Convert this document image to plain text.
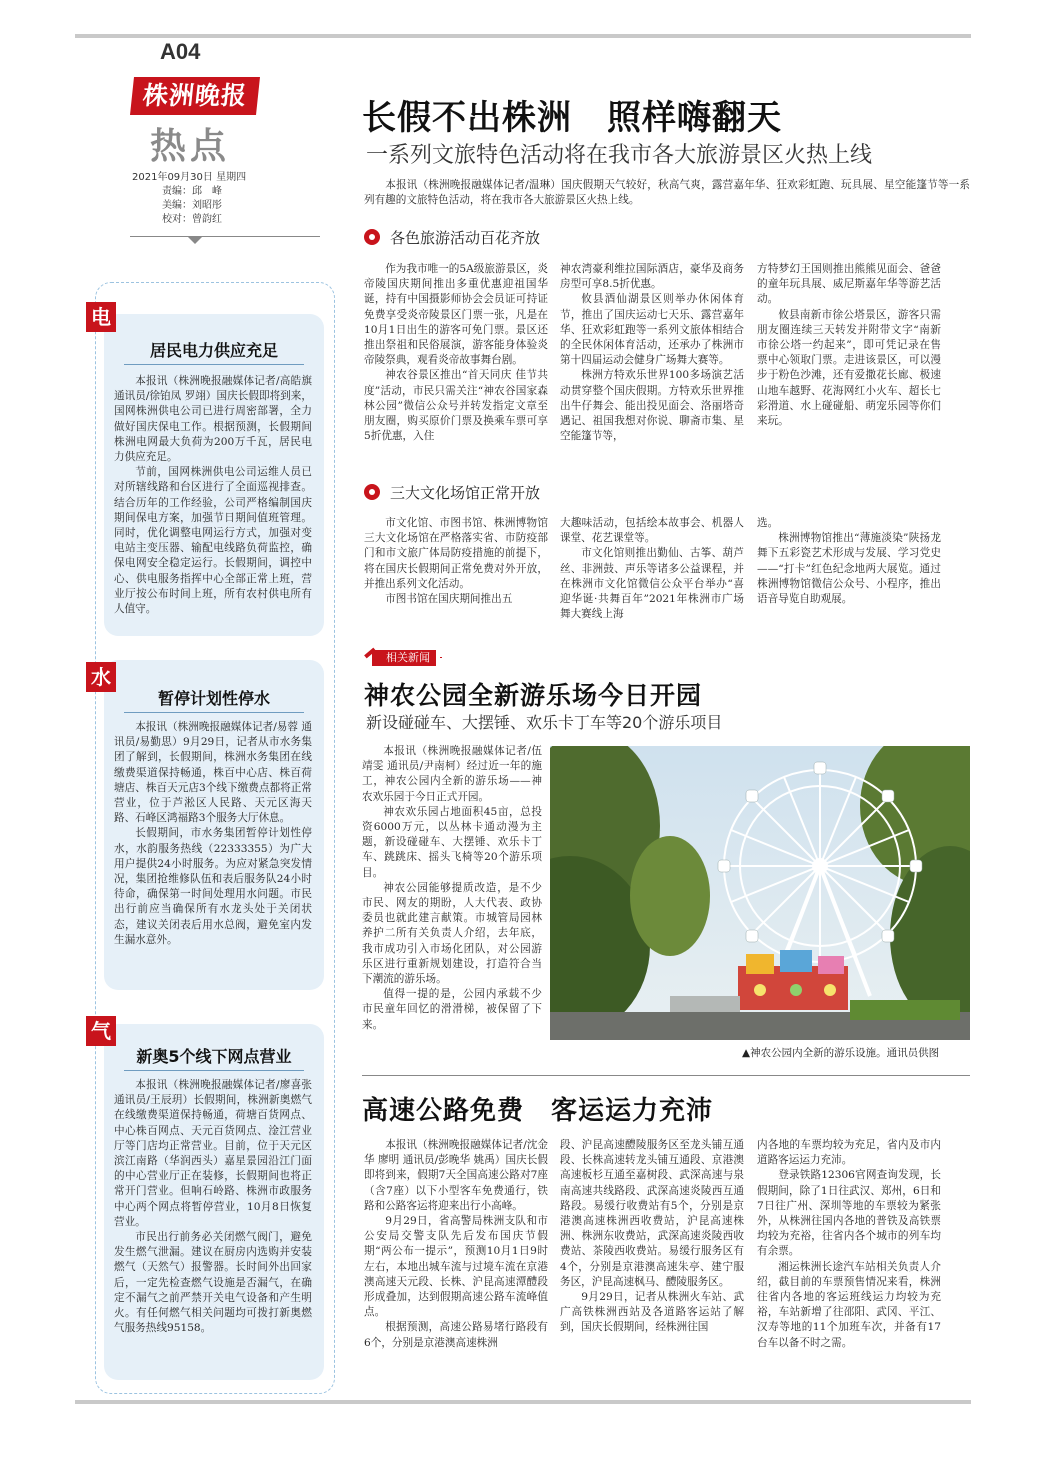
A04
株洲晚报
热点
2021年09月30日 星期四
责编：邱　峰
美编：刘昭彤
校对：曾韵红
长假不出株洲　照样嗨翻天
一系列文旅特色活动将在我市各大旅游景区火热上线

本报讯（株洲晚报融媒体记者/温琳）国庆假期天气较好，秋高气爽，露营嘉年华、狂欢彩虹跑、玩具展、星空能篷节等一系列有趣的文旅特色活动，将在我市各大旅游景区火热上线。

各色旅游活动百花齐放

作为我市唯一的5A级旅游景区，炎帝陵国庆期间推出多重优惠迎祖国华诞，持有中国摄影师协会会员证可持证免费享受炎帝陵景区门票一张，凡是在10月1日出生的游客可免门票。景区还推出祭祖和民俗展演，游客能身体验炎帝陵祭典，观看炎帝故事舞台剧。

神农谷景区推出“首天同庆 佳节共度”活动，市民只需关注“神农谷国家森林公园”微信公众号并转发指定文章至朋友圈，购买原价门票及换乘车票可享5折优惠，入住

神农湾豪利维拉国际酒店，豪华及商务房型可享8.5折优惠。

攸县酒仙湖景区则举办休闲体育节，推出了国庆运动七天乐、露营嘉年华、狂欢彩虹跑等一系列文旅体相结合的全民休闲体育活动，还承办了株洲市第十四届运动会健身广场舞大赛等。

株洲方特欢乐世界100多场演艺活动贯穿整个国庆假期。方特欢乐世界推出牛仔舞会、能出投见面会、洛丽塔奇遇记、祖国我想对你说、聊斋市集、星空能篷节等，

方特梦幻王国则推出熊熊见面会、爸爸的童年玩具展、威尼斯嘉年华等游艺活动。

攸县南新市徐公塔景区，游客只需朋友圈连续三天转发并附带文字“南新市徐公塔一约起来”，即可凭记录在售票中心领取门票。走进该景区，可以漫步于粉色沙滩，还有爱撒花长廊、极速山地车越野、花海网红小火车、超长七彩滑道、水上碰碰船、萌宠乐园等你们来玩。

三大文化场馆正常开放

市文化馆、市图书馆、株洲博物馆三大文化场馆在严格落实省、市防疫部门和市文旅广体局防疫措施的前提下，将在国庆长假期间正常免费对外开放，并推出系列文化活动。

市图书馆在国庆期间推出五

大趣味活动，包括绘本故事会、机器人课堂、花艺课堂等。

市文化馆则推出勤仙、古筝、葫芦丝、非洲鼓、声乐等诸多公益课程，并在株洲市文化馆微信公众平台举办“喜迎华诞·共舞百年”2021年株洲市广场舞大赛线上海

选。

株洲博物馆推出“薄施淡染”陕扬龙舞下五彩瓷艺术形成与发展、学习党史——“打卡”红色纪念地两大展览。通过株洲博物馆微信公众号、小程序，推出语音导览自助观展。

电
居民电力供应充足

本报讯（株洲晚报融媒体记者/高皓旗 通讯员/徐铂凤 罗翊）国庆长假即将到来，国网株洲供电公司已进行周密部署，全力做好国庆保电工作。根据预测，长假期间株洲电网最大负荷为200万千瓦，居民电力供应充足。

节前，国网株洲供电公司运维人员已对所辖线路和台区进行了全面巡视排查。结合历年的工作经验，公司严格编制国庆期间保电方案，加强节日期间值班管理。同时，优化调整电网运行方式，加强对变电站主变压器、输配电线路负荷监控，确保电网安全稳定运行。长假期间，调控中心、供电服务指挥中心全部正常上班，营业厅按公布时间上班，所有农村供电所有人值守。

水
暂停计划性停水

本报讯（株洲晚报融媒体记者/易蓉 通讯员/易勤思）9月29日，记者从市水务集团了解到，长假期间，株洲水务集团在线缴费渠道保持畅通，株百中心店、株百荷塘店、株百天元店3个线下缴费点都将正常营业，位于芦淞区人民路、天元区海天路、石峰区鸿福路3个服务大厅休息。

长假期间，市水务集团暂停计划性停水，水韵服务热线（22333355）为广大用户提供24小时服务。为应对紧急突发情况，集团抢维修队伍和表后服务队24小时待命，确保第一时间处理用水问题。市民出行前应当确保所有水龙头处于关闭状态，建议关闭表后用水总阀，避免室内发生漏水意外。

气
新奥5个线下网点营业

本报讯（株洲晚报融媒体记者/廖喜张 通讯员/王辰玥）长假期间，株洲新奥燃气在线缴费渠道保持畅通，荷塘百货网点、中心株百网点、天元百货网点、淦江营业厅等门店均正常营业。目前，位于天元区滨江南路（华润西头）嘉星景园沿江门面的中心营业厅正在装修，长假期间也将正常开门营业。但响石岭路、株洲市政服务中心两个网点将暂停营业，10月8日恢复营业。

市民出行前务必关闭燃气阀门，避免发生燃气泄漏。建议在厨房内选购并安装燃气（天然气）报警器。长时间外出回家后，一定先检查燃气设施是否漏气，在确定不漏气之前严禁开关电气设备和产生明火。有任何燃气相关问题均可拨打新奥燃气服务热线95158。

相关新闻
神农公园全新游乐场今日开园
新设碰碰车、大摆锤、欢乐卡丁车等20个游乐项目

本报讯（株洲晚报融媒体记者/伍靖雯 通讯员/尹南柯）经过近一年的施工，神农公园内全新的游乐场——神农欢乐园于今日正式开园。

神农欢乐园占地面积45亩，总投资6000万元，以丛林卡通动漫为主题，新设碰碰车、大摆锤、欢乐卡丁车、跳跳床、摇头飞椅等20个游乐项目。

神农公园能够提质改造，是不少市民、网友的期盼，人大代表、政协委员也就此建言献策。市城管局园林养护二所有关负责人介绍，去年底，我市成功引入市场化团队，对公园游乐区进行重新规划建设，打造符合当下潮流的游乐场。

值得一提的是，公园内承载不少市民童年回忆的滑滑梯，被保留了下来。

▲神农公园内全新的游乐设施。通讯员供图
高速公路免费　客运运力充沛

本报讯（株洲晚报融媒体记者/沈金华 廖明 通讯员/彭晚华 姚禹）国庆长假即将到来，假期7天全国高速公路对7座（含7座）以下小型客车免费通行，铁路和公路客运将迎来出行小高峰。

9月29日，省高警局株洲支队和市公安局交警支队先后发布国庆节假期“两公布一提示”，预测10月1日9时左右，本地出城车流与过境车流在京港澳高速天元段、长株、沪昆高速潭醴段形成叠加，达到假期高速公路车流峰值点。

根据预测，高速公路易堵行路段有6个，分别是京港澳高速株洲

段、沪昆高速醴陵服务区至龙头铺互通段、长株高速转龙头铺互通段、京港澳高速板杉互通至嘉树段、武深高速与泉南高速共线路段、武深高速炎陵西互通路段。易缓行收费站有5个，分别是京港澳高速株洲西收费站，沪昆高速株洲、株洲东收费站，武深高速炎陵西收费站、茶陵西收费站。易缓行服务区有4个，分别是京港澳高速朱亭、建宁服务区，沪昆高速枫马、醴陵服务区。

9月29日，记者从株洲火车站、武广高铁株洲西站及各道路客运站了解到，国庆长假期间，经株洲往国

内各地的车票均较为充足，省内及市内道路客运运力充沛。

登录铁路12306官网查询发现，长假期间，除了1日往武汉、郑州，6日和7日往广州、深圳等地的车票较为紧张外，从株洲往国内各地的普铁及高铁票均较为充裕，往省内各个城市的列车均有余票。

湘运株洲长途汽车站相关负责人介绍，截目前的车票预售情况来看，株洲往省内各地的客运班线运力均较为充裕，车站新增了往邵阳、武冈、平江、汉寿等地的11个加班车次，并备有17台车以备不时之需。
